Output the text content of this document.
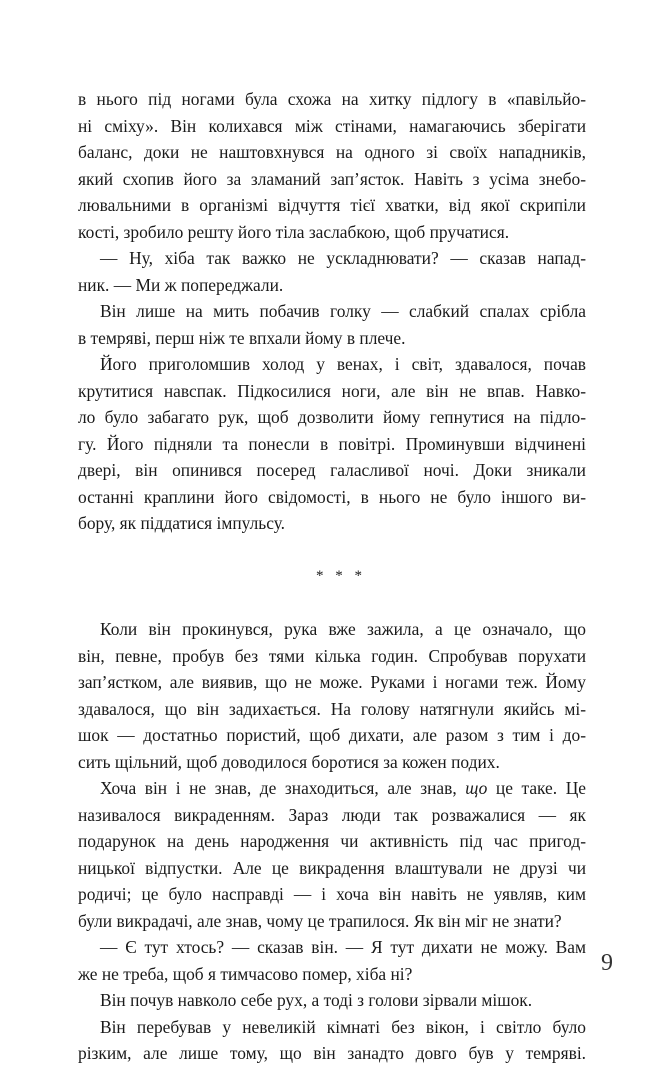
в нього під ногами була схожа на хитку підлогу в «павільйо-
ні сміху». Він колихався між стінами, намагаючись зберігати
баланс, доки не наштовхнувся на одного зі своїх нападників,
який схопив його за зламаний зап’ясток. Навіть з усіма знебо-
лювальними в організмі відчуття тієї хватки, від якої скрипіли
кості, зробило решту його тіла заслабкою, щоб пручатися.
— Ну, хіба так важко не ускладнювати? — сказав напад-
ник. — Ми ж попереджали.
Він лише на мить побачив голку — слабкий спалах срібла
в темряві, перш ніж те впхали йому в плече.
Його приголомшив холод у венах, і світ, здавалося, почав
крутитися навспак. Підкосилися ноги, але він не впав. Навко-
ло було забагато рук, щоб дозволити йому гепнутися на підло-
гу. Його підняли та понесли в повітрі. Проминувши відчинені
двері, він опинився посеред галасливої ночі. Доки зникали
останні краплини його свідомості, в нього не було іншого ви-
бору, як піддатися імпульсу.
* * *
Коли він прокинувся, рука вже зажила, а це означало, що
він, певне, пробув без тями кілька годин. Спробував порухати
зап’ястком, але виявив, що не може. Руками і ногами теж. Йому
здавалося, що він задихається. На голову натягнули якийсь мі-
шок — достатньо пористий, щоб дихати, але разом з тим і до-
сить щільний, щоб доводилося боротися за кожен подих.
Хоча він і не знав, де знаходиться, але знав, що це таке. Це
називалося викраденням. Зараз люди так розважалися — як
подарунок на день народження чи активність під час пригод-
ницької відпустки. Але це викрадення влаштували не друзі чи
родичі; це було насправді — і хоча він навіть не уявляв, ким
були викрадачі, але знав, чому це трапилося. Як він міг не знати?
— Є тут хтось? — сказав він. — Я тут дихати не можу. Вам
же не треба, щоб я тимчасово помер, хіба ні?
Він почув навколо себе рух, а тоді з голови зірвали мішок.
Він перебував у невеликій кімнаті без вікон, і світло було
різким, але лише тому, що він занадто довго був у темряві.
9
